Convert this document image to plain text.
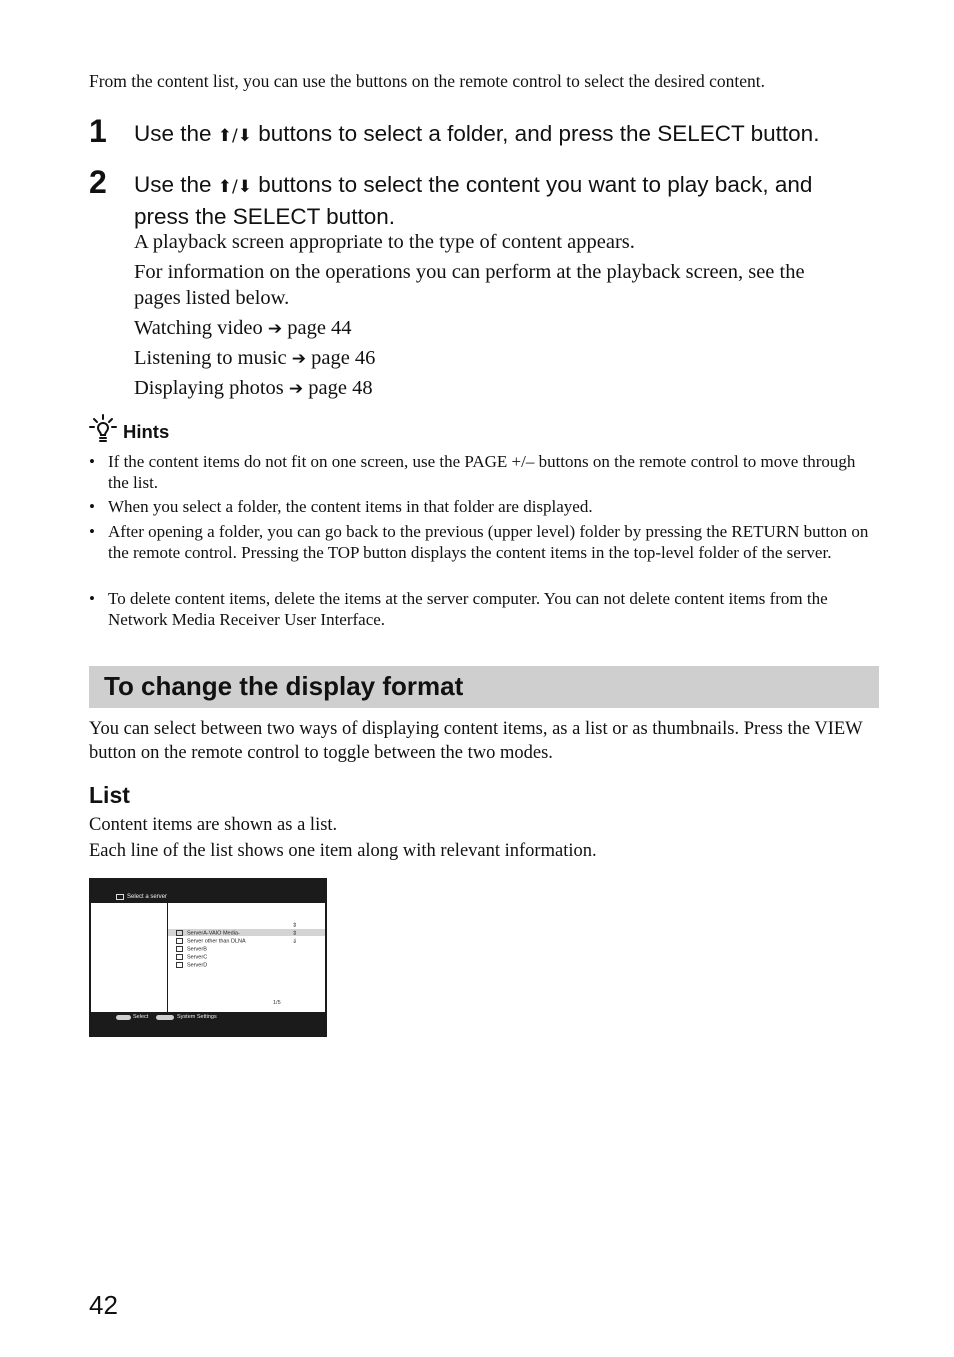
From the content list, you can use the buttons on the remote control to select the desired content.
1 Use the ⬆/⬇ buttons to select a folder, and press the SELECT button.
2 Use the ⬆/⬇ buttons to select the content you want to play back, and
press the SELECT button.
A playback screen appropriate to the type of content appears.
For information on the operations you can perform at the playback screen, see the
pages listed below.
Watching video ➔ page 44
Listening to music ➔ page 46
Displaying photos ➔ page 48
Hints
• If the content items do not fit on one screen, use the PAGE +/– buttons on the remote control to move through the list.
• When you select a folder, the content items in that folder are displayed.
• After opening a folder, you can go back to the previous (upper level) folder by pressing the RETURN button on the remote control. Pressing the TOP button displays the content items in the top-level folder of the server.
• To delete content items, delete the items at the server computer. You can not delete content items from the Network Media Receiver User Interface.
To change the display format
You can select between two ways of displaying content items, as a list or as thumbnails. Press the VIEW button on the remote control to toggle between the two modes.
List
Content items are shown as a list.
Each line of the list shows one item along with relevant information.
Select a server
ServerA-VAIO Media-
Server other than DLNA
ServerB
ServerC
ServerD
⇕
⇕
⇓
1/5
Select	System Settings
42
